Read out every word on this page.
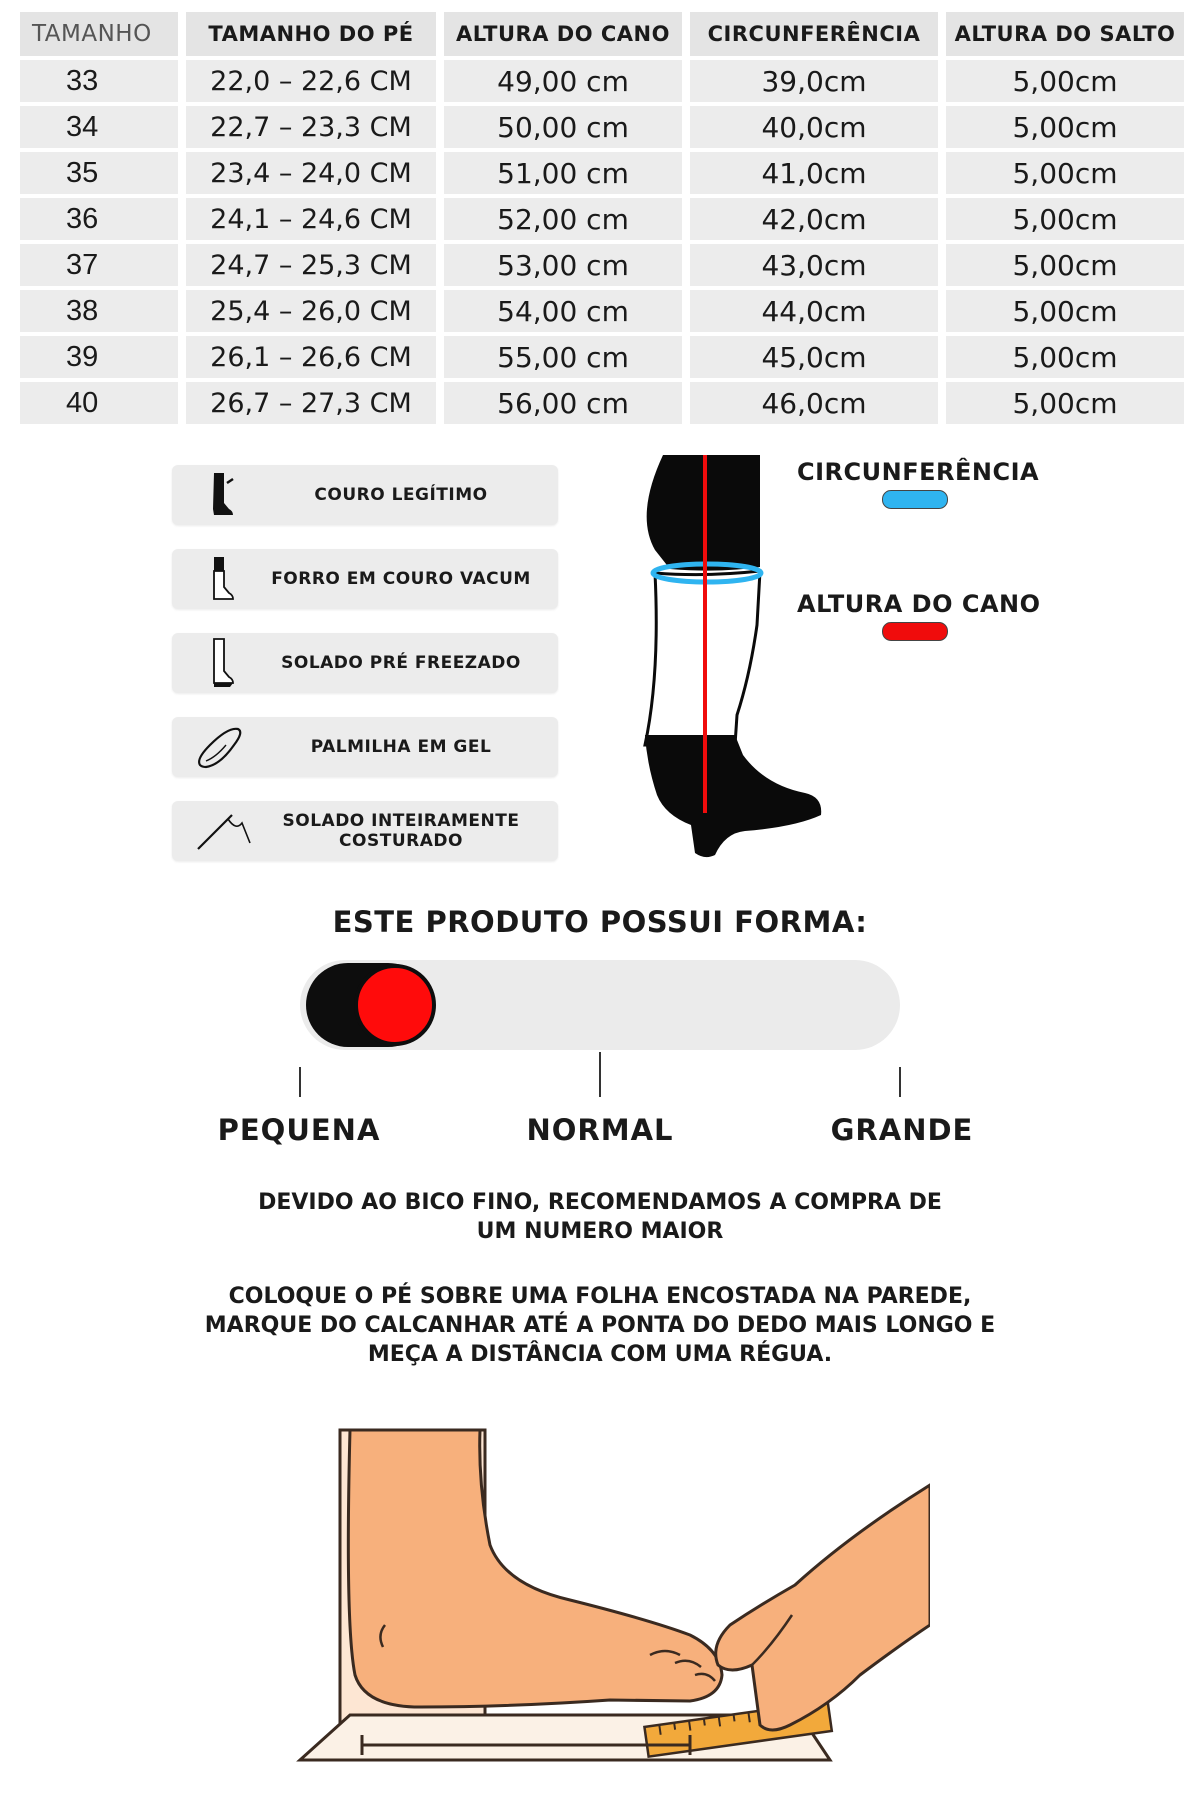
TAMANHO	TAMANHO DO PÉ	ALTURA DO CANO	CIRCUNFERÊNCIA	ALTURA DO SALTO
33	22,0 – 22,6 CM	49,00 cm	39,0cm	5,00cm
34	22,7 – 23,3 CM	50,00 cm	40,0cm	5,00cm
35	23,4 – 24,0 CM	51,00 cm	41,0cm	5,00cm
36	24,1 – 24,6 CM	52,00 cm	42,0cm	5,00cm
37	24,7 – 25,3 CM	53,00 cm	43,0cm	5,00cm
38	25,4 – 26,0 CM	54,00 cm	44,0cm	5,00cm
39	26,1 – 26,6 CM	55,00 cm	45,0cm	5,00cm
40	26,7 – 27,3 CM	56,00 cm	46,0cm	5,00cm
COURO LEGÍTIMO
FORRO EM COURO VACUM
SOLADO PRÉ FREEZADO
PALMILHA EM GEL
SOLADO INTEIRAMENTE
COSTURADO
CIRCUNFERÊNCIA
ALTURA DO CANO
ESTE PRODUTO POSSUI FORMA:
PEQUENA	NORMAL	GRANDE
DEVIDO AO BICO FINO, RECOMENDAMOS A COMPRA DE
UM NUMERO MAIOR
COLOQUE O PÉ SOBRE UMA FOLHA ENCOSTADA NA PAREDE,
MARQUE DO CALCANHAR ATÉ A PONTA DO DEDO MAIS LONGO E
MEÇA A DISTÂNCIA COM UMA RÉGUA.
